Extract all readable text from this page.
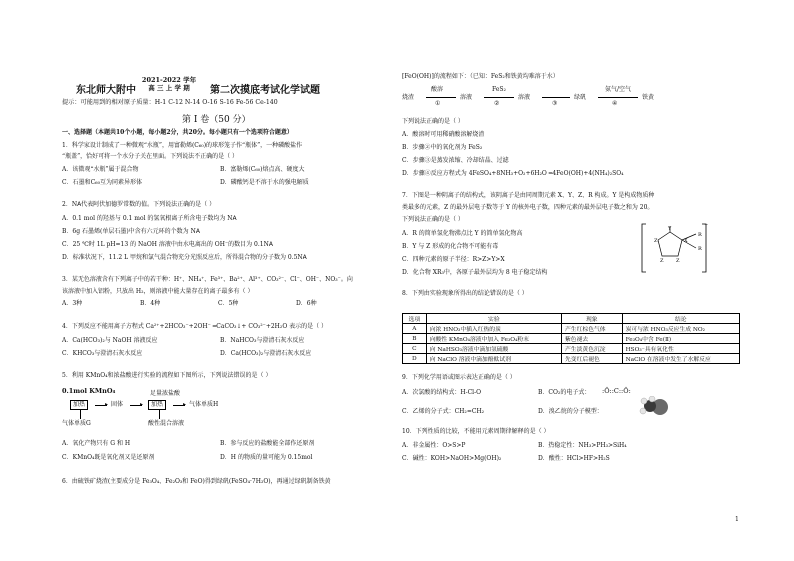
东北师大附中
2021-2022 学年
高 三 上 学 期	第二次摸底考试化学试题
提示：可能用到的相对原子质量：H-1 C-12 N-14 O-16 S-16 Fe-56 Ce-140
第 I 卷（50 分）
一、选择题（本题共10个小题，每小题2分，共20分。每小题只有一个选项符合题意）
1．科学家设计制成了一种微观“水瓶”，用富勒烯(C₆₀)的球形笼子作“瓶体”，一种磷酸盐作
“瓶盖”，恰好可将一个水分子关在里面。下列说法不正确的是（ ）
A．该微观“水瓶”属于混合物	B．富勒烯(C₆₀)熔点高、硬度大
C．石墨和C₆₀互为同素异形体	D．磷酸钙是不溶于水的强电解质
2．N𝖠代表阿伏加德罗常数的值。下列说法正确的是（ ）
A．0.1 mol 的羟基与 0.1 mol 的氢氧根离子所含电子数均为 N𝖠
B．6g 石墨烯(单层石墨)中含有六元环的个数为 N𝖠
C．25 ℃时 1L pH=13 的 NaOH 溶液中由水电离出的 OH⁻的数目为 0.1N𝖠
D．标准状况下，11.2 L 甲烷和氯气混合物充分光照反应后，所得混合物的分子数为 0.5N𝖠
3．某无色溶液含有下列离子中的若干种：H⁺、NH₄⁺、Fe³⁺、Ba²⁺、Al³⁺、CO₃²⁻、Cl⁻、OH⁻、NO₃⁻。向
该溶液中加入铝粉，只放出 H₂，则溶液中能大量存在的离子最多有（ ）
A．3种	B．4种	C．5种	D．6种
4．下列反应不能用离子方程式 Ca²⁺+2HCO₃⁻+2OH⁻ ═CaCO₃↓+ CO₃²⁻+2H₂O 表示的是（ ）
A．Ca(HCO₃)₂与 NaOH 溶液反应	B．NaHCO₃与澄清石灰水反应
C．KHCO₃与澄清石灰水反应	D．Ca(HCO₃)₂与澄清石灰水反应
5．利用 KMnO₄和浓盐酸进行实验的流程如下图所示，下列说法错误的是（ ）
0.1mol KMnO₄
加热	▸ 固体	▸
足量浓盐酸
加热	▸ 气体单质H
气体单质G	酸性混合溶液
A．氧化产物只有 G 和 H	B．参与反应的盐酸能全部作还原剂
C．KMnO₄既是氧化剂又是还原剂	D．H 的物质的量可能为 0.15mol
6．由硫铁矿烧渣(主要成分是 Fe₃O₄、Fe₂O₃和 FeO)得到绿矾(FeSO₄·7H₂O)，再通过绿矾制备铁黄
[FeO(OH)]的流程如下：（已知：FeS₂和铁黄均难溶于水）
烧渣
酸溶
①
溶液
FeS₂
②
溶液
③
绿矾
氨气/空气
④
铁黄
下列说法正确的是（ ）
A．酸溶时可用稀硝酸溶解烧渣
B．步骤②中的氧化剂为 FeS₂
C．步骤③是蒸发浓缩、冷却结晶、过滤
D．步骤④反应方程式为 4FeSO₄+8NH₃+O₂+6H₂O ═4FeO(OH)+4(NH₄)₂SO₄
7．下图是一种阴离子的结构式，该阴离子是由同周期元素 X、Y、Z、R 构成。Y 是构成物质种
类最多的元素，Z 的最外层电子数等于 Y 的核外电子数，四种元素的最外层电子数之和为 20。
下列说法正确的是（ ）
A．R 的简单氢化物沸点比 Y 的简单氢化物高
B．Y 与 Z 形成的化合物不可能有毒
C．四种元素的原子半径：R>Z>Y>X
D．化合物 XR₃中，各原子最外层均为 8 电子稳定结构
Z
Y
R
R
X
Z	Z
−
8．下列由实验现象所得出的结论错误的是（ ）
选项	实验	现象	结论
A	向浓 HNO₃中插入红热的炭	产生红棕色气体	炭可与浓 HNO₃反应生成 NO₂
B	向酸性 KMnO₄溶液中加入 Fe₃O₄粉末	紫色褪去	Fe₃O₄中含 Fe(Ⅱ)
C	向 NaHSO₃溶液中滴加氢硫酸	产生淡黄色沉淀	HSO₃⁻具有氧化性
D	向 NaClO 溶液中滴加酚酞试剂	先变红后褪色	NaClO 在溶液中发生了水解反应
9．下列化学用语或图示表达正确的是（ ）
A．次氯酸的结构式：H-Cl-O	B．CO₂的电子式： :Ö::C::Ö:
C．乙烯的分子式：CH₂=CH₂	D．溴乙烷的分子模型：
10．下列性质的比较，不能用元素周期律解释的是（ ）
A．非金属性：O>S>P	B．热稳定性：NH₃>PH₃>SiH₄
C．碱性：KOH>NaOH>Mg(OH)₂	D．酸性：HCl>HF>H₂S
1
